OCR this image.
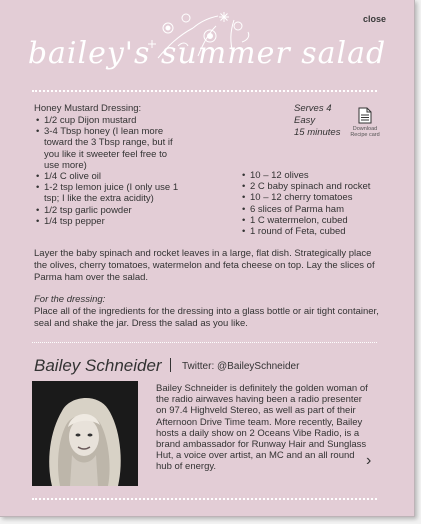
close
bailey's summer salad
Honey Mustard Dressing:
• 1/2 cup Dijon mustard
• 3-4 Tbsp honey (I lean more toward the 3 Tbsp range, but if you like it sweeter feel free to use more)
• 1/4 C olive oil
• 1-2 tsp lemon juice (I only use 1 tsp; I like the extra acidity)
• 1/2 tsp garlic powder
• 1/4 tsp pepper
Serves 4
Easy
15 minutes	Download Recipe card
• 10 – 12 olives
• 2 C baby spinach and rocket
• 10 – 12 cherry tomatoes
• 6 slices of Parma ham
• 1 C watermelon, cubed
• 1 round of Feta, cubed
Layer the baby spinach and rocket leaves in a large, flat dish. Strategically place the olives, cherry tomatoes, watermelon and feta cheese on top. Lay the slices of Parma ham over the salad.
For the dressing:
Place all of the ingredients for the dressing into a glass bottle or air tight container, seal and shake the jar. Dress the salad as you like.
Bailey Schneider Twitter: @BaileySchneider
Bailey Schneider is definitely the golden woman of the radio airwaves having been a radio presenter on 97.4 Highveld Stereo, as well as part of their Afternoon Drive Time team. More recently, Bailey hosts a daily show on 2 Oceans Vibe Radio, is a brand ambassador for Runway Hair and Sunglass Hut, a voice over artist, an MC and an all round hub of energy.	›
